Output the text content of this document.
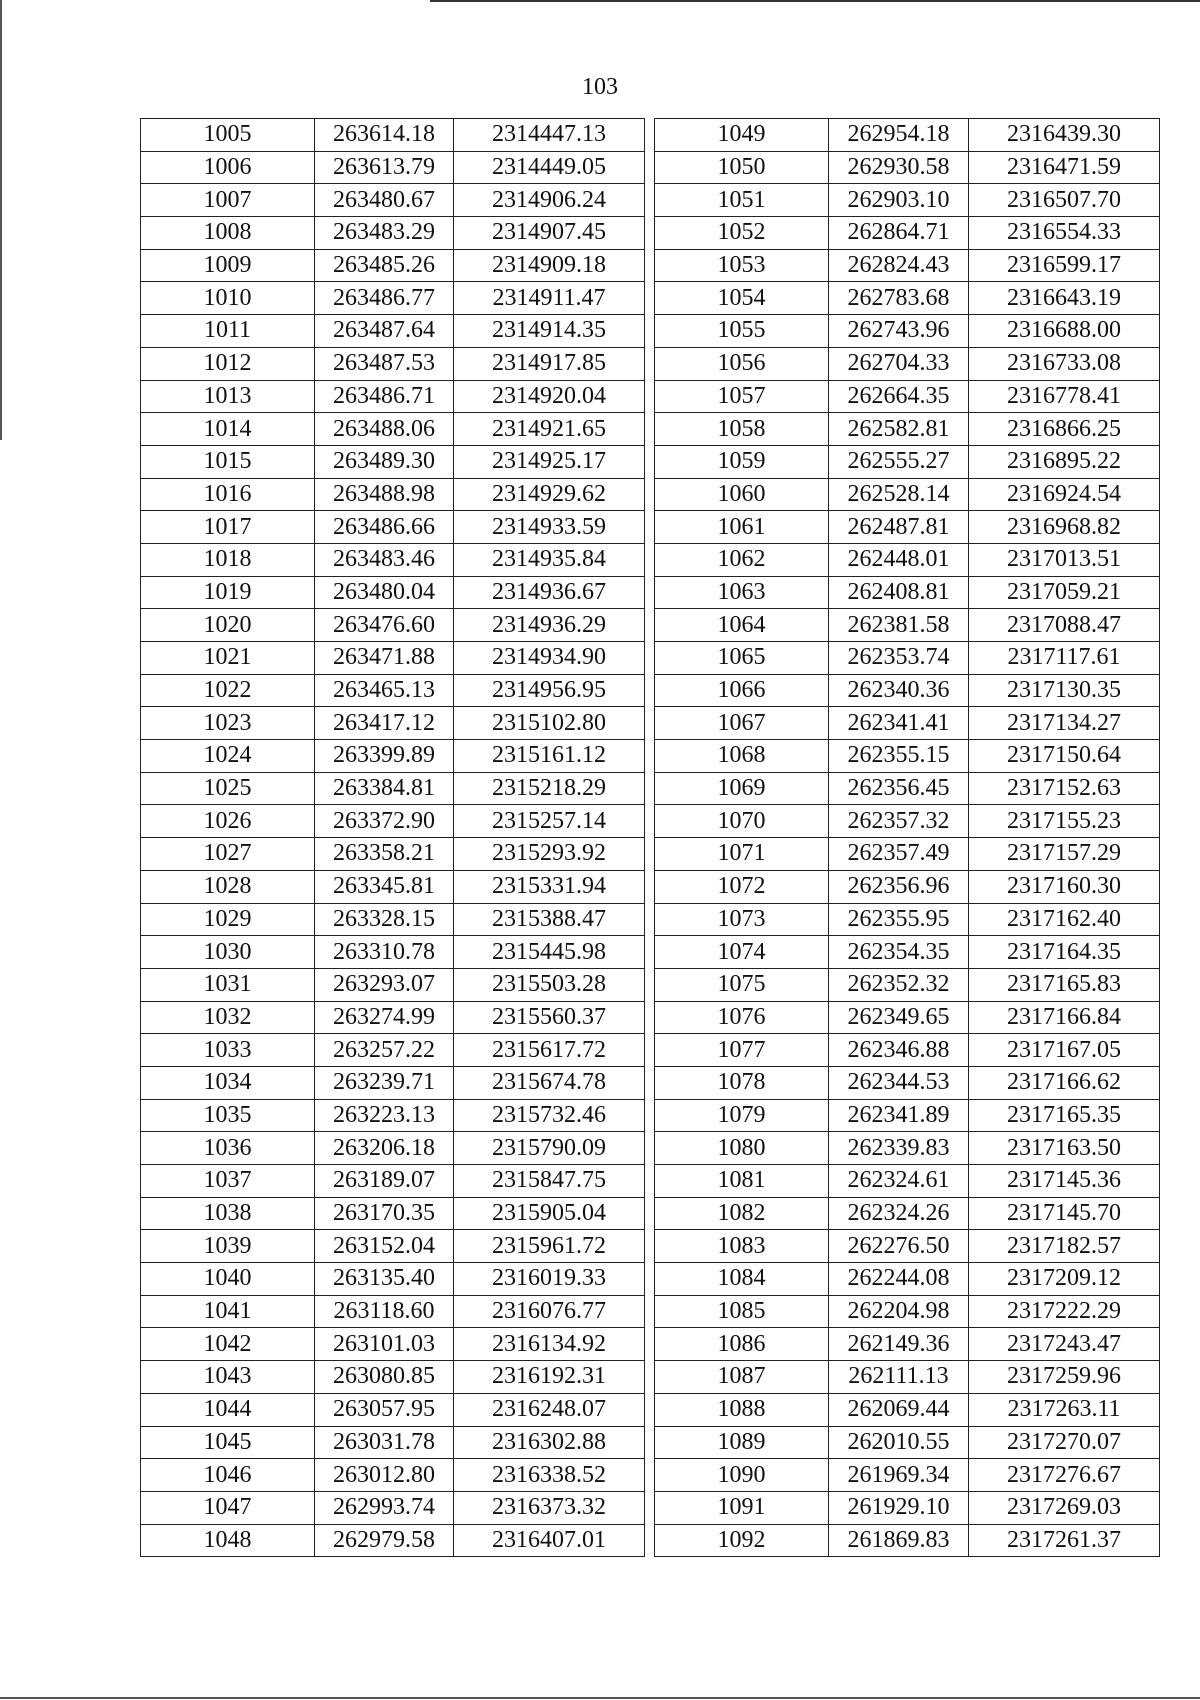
103
1005	263614.18	2314447.13
1006	263613.79	2314449.05
1007	263480.67	2314906.24
1008	263483.29	2314907.45
1009	263485.26	2314909.18
1010	263486.77	2314911.47
1011	263487.64	2314914.35
1012	263487.53	2314917.85
1013	263486.71	2314920.04
1014	263488.06	2314921.65
1015	263489.30	2314925.17
1016	263488.98	2314929.62
1017	263486.66	2314933.59
1018	263483.46	2314935.84
1019	263480.04	2314936.67
1020	263476.60	2314936.29
1021	263471.88	2314934.90
1022	263465.13	2314956.95
1023	263417.12	2315102.80
1024	263399.89	2315161.12
1025	263384.81	2315218.29
1026	263372.90	2315257.14
1027	263358.21	2315293.92
1028	263345.81	2315331.94
1029	263328.15	2315388.47
1030	263310.78	2315445.98
1031	263293.07	2315503.28
1032	263274.99	2315560.37
1033	263257.22	2315617.72
1034	263239.71	2315674.78
1035	263223.13	2315732.46
1036	263206.18	2315790.09
1037	263189.07	2315847.75
1038	263170.35	2315905.04
1039	263152.04	2315961.72
1040	263135.40	2316019.33
1041	263118.60	2316076.77
1042	263101.03	2316134.92
1043	263080.85	2316192.31
1044	263057.95	2316248.07
1045	263031.78	2316302.88
1046	263012.80	2316338.52
1047	262993.74	2316373.32
1048	262979.58	2316407.01
1049	262954.18	2316439.30
1050	262930.58	2316471.59
1051	262903.10	2316507.70
1052	262864.71	2316554.33
1053	262824.43	2316599.17
1054	262783.68	2316643.19
1055	262743.96	2316688.00
1056	262704.33	2316733.08
1057	262664.35	2316778.41
1058	262582.81	2316866.25
1059	262555.27	2316895.22
1060	262528.14	2316924.54
1061	262487.81	2316968.82
1062	262448.01	2317013.51
1063	262408.81	2317059.21
1064	262381.58	2317088.47
1065	262353.74	2317117.61
1066	262340.36	2317130.35
1067	262341.41	2317134.27
1068	262355.15	2317150.64
1069	262356.45	2317152.63
1070	262357.32	2317155.23
1071	262357.49	2317157.29
1072	262356.96	2317160.30
1073	262355.95	2317162.40
1074	262354.35	2317164.35
1075	262352.32	2317165.83
1076	262349.65	2317166.84
1077	262346.88	2317167.05
1078	262344.53	2317166.62
1079	262341.89	2317165.35
1080	262339.83	2317163.50
1081	262324.61	2317145.36
1082	262324.26	2317145.70
1083	262276.50	2317182.57
1084	262244.08	2317209.12
1085	262204.98	2317222.29
1086	262149.36	2317243.47
1087	262111.13	2317259.96
1088	262069.44	2317263.11
1089	262010.55	2317270.07
1090	261969.34	2317276.67
1091	261929.10	2317269.03
1092	261869.83	2317261.37
